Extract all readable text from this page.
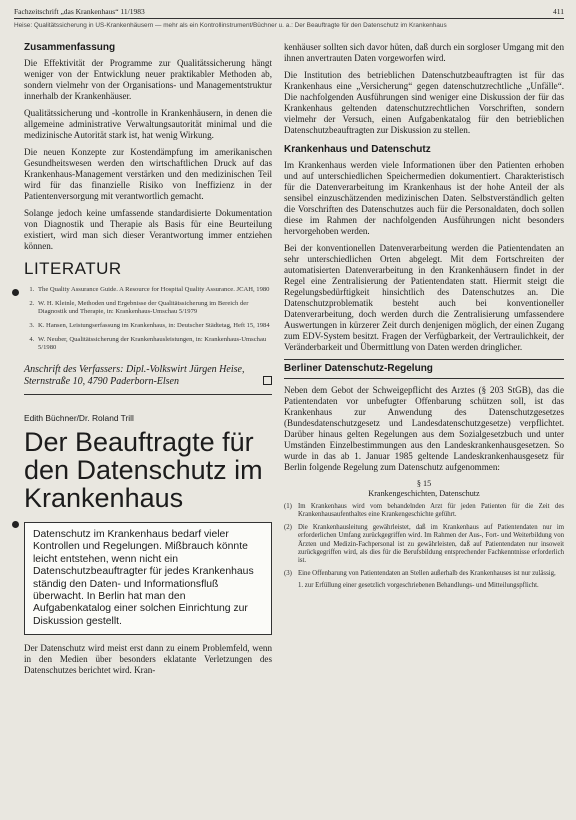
Fachzeitschrift „das Krankenhaus“ 11/1983	411
Heise: Qualitätssicherung in US-Krankenhäusern — mehr als ein Kontrollinstrument/Büchner u. a.: Der Beauftragte für den Datenschutz im Krankenhaus
Zusammenfassung

Die Effektivität der Programme zur Qualitätssicherung hängt weniger von der Entwicklung neuer praktikabler Methoden ab, sondern vielmehr von der Organisations- und Managementstruktur innerhalb der Krankenhäuser.

Qualitätssicherung und -kontrolle in Krankenhäusern, in denen die allgemeine administrative Verwaltungsautorität minimal und die medizinische Autorität stark ist, hat wenig Wirkung.

Die neuen Konzepte zur Kostendämpfung im amerikanischen Gesundheitswesen werden den wirtschaftlichen Druck auf das Krankenhaus-Management verstärken und den medizinischen Teil wird für das finanzielle Risiko von Ineffizienz in der Patientenversorgung mit verantwortlich gemacht.

Solange jedoch keine umfassende standardisierte Dokumentation von Diagnostik und Therapie als Basis für eine Beurteilung existiert, wird man sich dieser Verantwortung immer entziehen können.

LITERATUR
1. The Quality Assurance Guide. A Resource for Hospital Quality Assurance. JCAH, 1980
2. W. H. Kleinle, Methoden und Ergebnisse der Qualitätssicherung im Bereich der Diagnostik und Therapie, in: Krankenhaus-Umschau 5/1979
3. K. Hansen, Leistungserfassung im Krankenhaus, in: Deutscher Städtetag, Heft 15, 1984
4. W. Neuber, Qualitätssicherung der Krankenhausleistungen, in: Krankenhaus-Umschau 5/1980
Anschrift des Verfassers: Dipl.-Volkswirt Jürgen Heise, Sternstraße 10, 4790 Paderborn-Elsen
Edith Büchner/Dr. Roland Trill
Der Beauftragte für den Datenschutz im Krankenhaus
Datenschutz im Krankenhaus bedarf vieler Kontrollen und Regelungen. Mißbrauch könnte leicht entstehen, wenn nicht ein Datenschutzbeauftragter für jedes Krankenhaus ständig den Daten- und Informationsfluß überwacht. In Berlin hat man den Aufgabenkatalog einer solchen Einrichtung zur Diskussion gestellt.

Der Datenschutz wird meist erst dann zu einem Problemfeld, wenn in den Medien über besonders eklatante Verletzungen des Datenschutzes berichtet wird. Kran-

kenhäuser sollten sich davor hüten, daß durch ein sorgloser Umgang mit den ihnen anvertrauten Daten vorgeworfen wird.

Die Institution des betrieblichen Datenschutzbeauftragten ist für das Krankenhaus eine „Versicherung“ gegen datenschutzrechtliche „Unfälle“. Die nachfolgenden Ausführungen sind weniger eine Diskussion der für das Krankenhaus geltenden datenschutzrechtlichen Vorschriften, sondern vielmehr der Versuch, einen Aufgabenkatalog für den betrieblichen Datenschutzbeauftragten zur Diskussion zu stellen.

Krankenhaus und Datenschutz

Im Krankenhaus werden viele Informationen über den Patienten erhoben und auf unterschiedlichen Speichermedien dokumentiert. Charakteristisch für die Datenverarbeitung im Krankenhaus ist der hohe Anteil der als sensibel einzuschätzenden medizinischen Daten. Selbstverständlich gelten die Vorschriften des Datenschutzes auch für die Personaldaten, doch sollen diese im Rahmen der nachfolgenden Ausführungen nicht besonders hervorgehoben werden.

Bei der konventionellen Datenverarbeitung werden die Patientendaten an sehr unterschiedlichen Orten abgelegt. Mit dem Fortschreiten der automatisierten Datenverarbeitung in den Krankenhäusern findet in der Regel eine Zentralisierung der Patientendaten statt. Hiermit steigt die Regelungsbedürftigkeit hinsichtlich des Datenschutzes an. Die Datenschutzproblematik besteht auch bei konventioneller Datenverarbeitung, doch werden durch die Zentralisierung umfassendere Auswertungen in kürzerer Zeit durch denjenigen möglich, der einen Zugang zum EDV-System besitzt. Fragen der Verfügbarkeit, der Vertraulichkeit, der Veränderbarkeit und Übermittlung von Daten werden dringlicher.

Berliner Datenschutz-Regelung

Neben dem Gebot der Schweigepflicht des Arztes (§ 203 StGB), das die Patientendaten vor unbefugter Offenbarung schützen soll, ist das Krankenhaus zur Anwendung des Datenschutzgesetzes (Bundesdatenschutzgesetz und Landesdatenschutzgesetze) verpflichtet. Darüber hinaus gelten Regelungen aus dem Sozialgesetzbuch und unter Umständen Einzelbestimmungen aus den Landeskrankenhausgesetzen. So wurde in das ab 1. Januar 1985 geltende Landeskrankenhausgesetz für Berlin folgende Regelung zum Datenschutz aufgenommen:

§ 15
Krankengeschichten, Datenschutz
(1) Im Krankenhaus wird vom behandelnden Arzt für jeden Patienten für die Zeit des Krankenhausaufenthaltes eine Krankengeschichte geführt.
(2) Die Krankenhausleitung gewährleistet, daß im Krankenhaus auf Patientendaten nur im erforderlichen Umfang zurückgegriffen wird. Im Rahmen der Aus-, Fort- und Weiterbildung von Ärzten und Medizin-Fachpersonal ist zu gewährleisten, daß auf Patientendaten nur insoweit zurückgegriffen wird, als dies für die Berufsbildung entsprechender Fachkenntnisse erforderlich ist.
(3) Eine Offenbarung von Patientendaten an Stellen außerhalb des Krankenhauses ist nur zulässig,
1. zur Erfüllung einer gesetzlich vorgeschriebenen Behandlungs- und Mitteilungspflicht.
